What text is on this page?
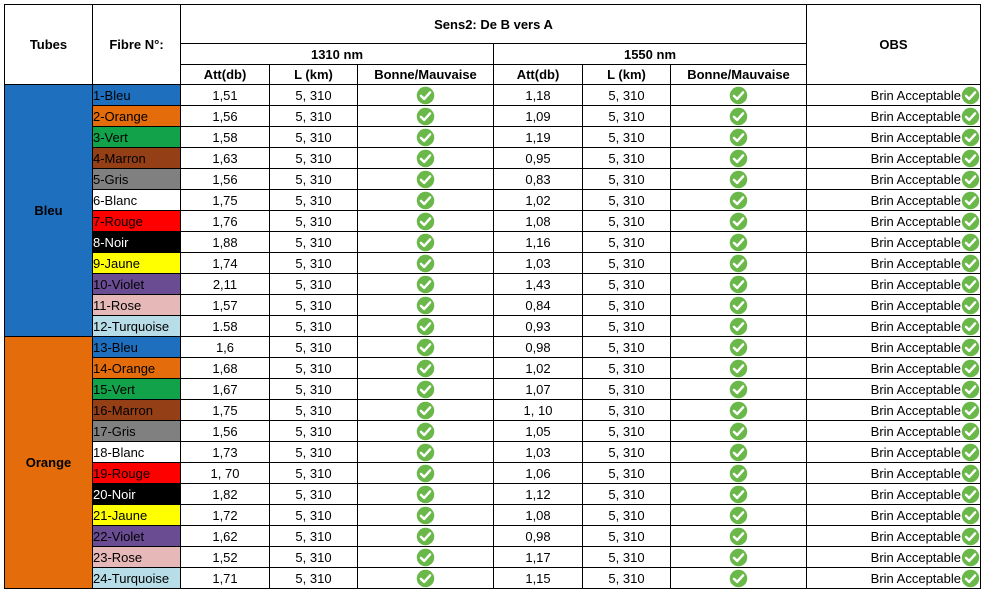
Tubes	Fibre N°:	Sens2: De B vers A						OBS
		1310 nm			1550 nm			
		Att(db)	L (km)	Bonne/Mauvaise	Att(db)	L (km)	Bonne/Mauvaise	
Bleu	1-Bleu	1,51	5, 310		1,18	5, 310		Brin Acceptable
	2-Orange	1,56	5, 310		1,09	5, 310		Brin Acceptable
	3-Vert	1,58	5, 310		1,19	5, 310		Brin Acceptable
	4-Marron	1,63	5, 310		0,95	5, 310		Brin Acceptable
	5-Gris	1,56	5, 310		0,83	5, 310		Brin Acceptable
	6-Blanc	1,75	5, 310		1,02	5, 310		Brin Acceptable
	7-Rouge	1,76	5, 310		1,08	5, 310		Brin Acceptable
	8-Noir	1,88	5, 310		1,16	5, 310		Brin Acceptable
	9-Jaune	1,74	5, 310		1,03	5, 310		Brin Acceptable
	10-Violet	2,11	5, 310		1,43	5, 310		Brin Acceptable
	11-Rose	1,57	5, 310		0,84	5, 310		Brin Acceptable
	12-Turquoise	1.58	5, 310		0,93	5, 310		Brin Acceptable
Orange	13-Bleu	1,6	5, 310		0,98	5, 310		Brin Acceptable
	14-Orange	1,68	5, 310		1,02	5, 310		Brin Acceptable
	15-Vert	1,67	5, 310		1,07	5, 310		Brin Acceptable
	16-Marron	1,75	5, 310		1, 10	5, 310		Brin Acceptable
	17-Gris	1,56	5, 310		1,05	5, 310		Brin Acceptable
	18-Blanc	1,73	5, 310		1,03	5, 310		Brin Acceptable
	19-Rouge	1, 70	5, 310		1,06	5, 310		Brin Acceptable
	20-Noir	1,82	5, 310		1,12	5, 310		Brin Acceptable
	21-Jaune	1,72	5, 310		1,08	5, 310		Brin Acceptable
	22-Violet	1,62	5, 310		0,98	5, 310		Brin Acceptable
	23-Rose	1,52	5, 310		1,17	5, 310		Brin Acceptable
	24-Turquoise	1,71	5, 310		1,15	5, 310		Brin Acceptable
